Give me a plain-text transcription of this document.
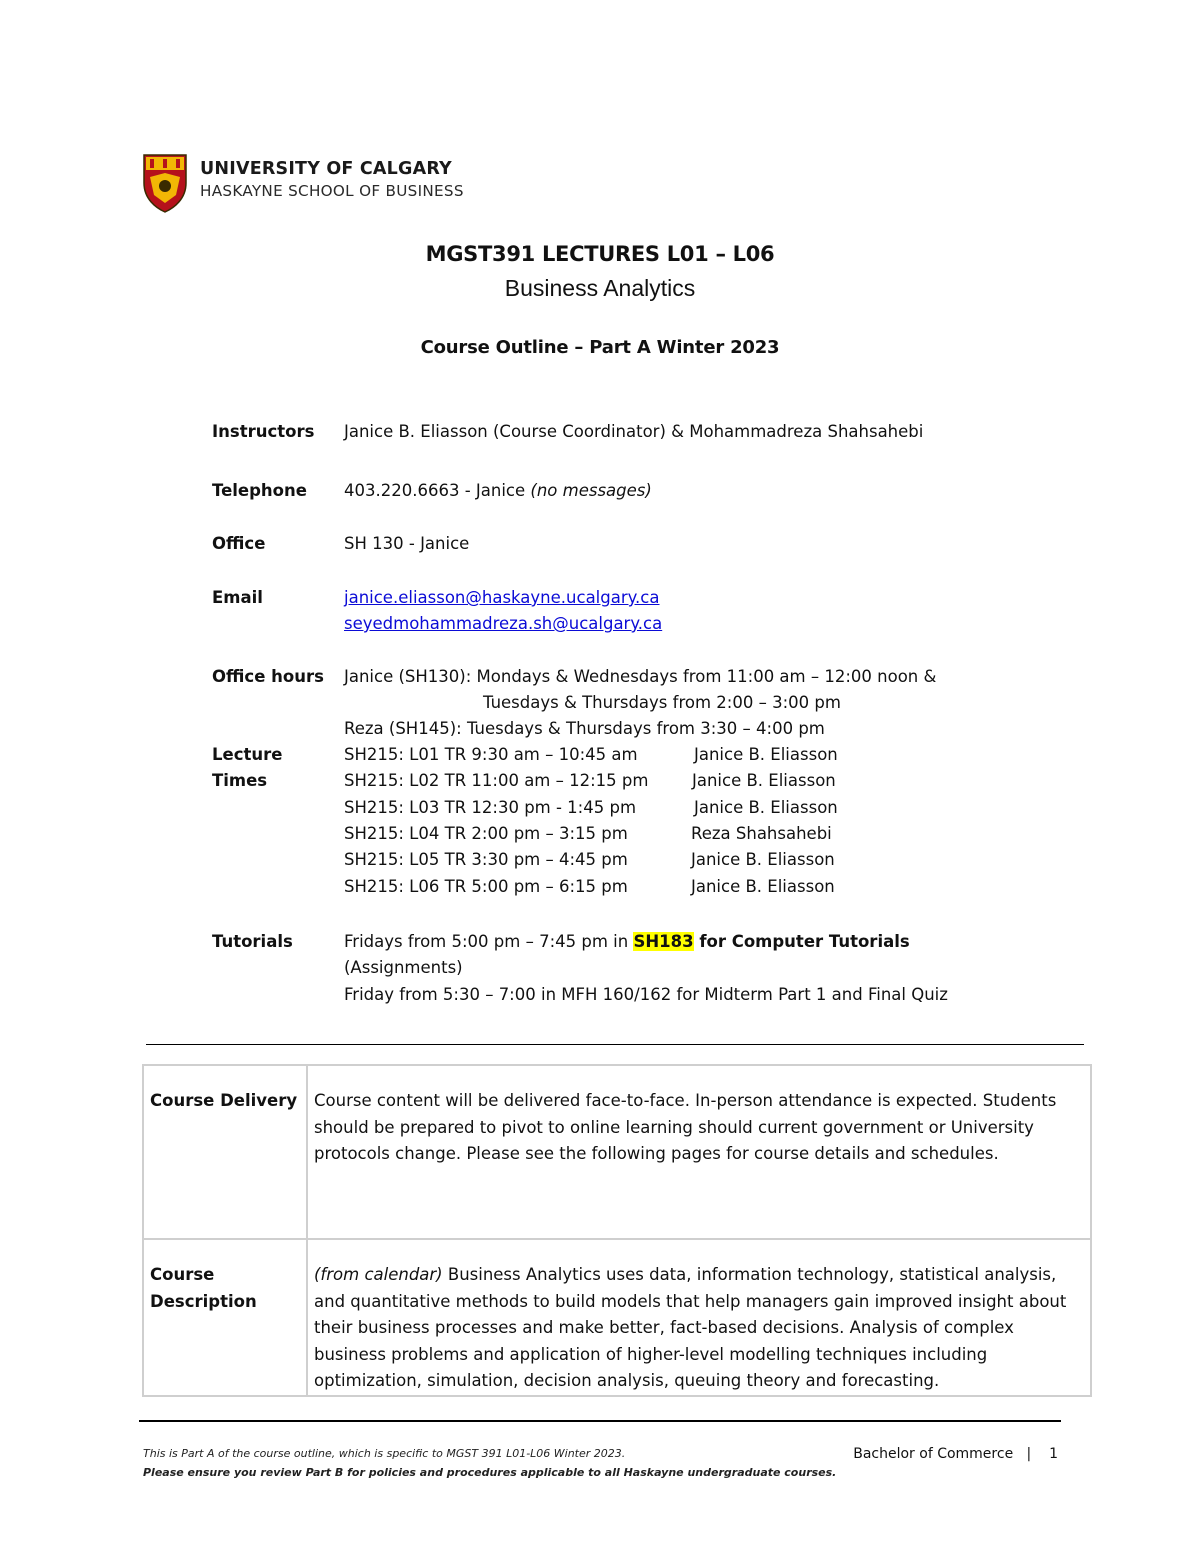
UNIVERSITY OF CALGARY
HASKAYNE SCHOOL OF BUSINESS
MGST391 LECTURES L01 – L06
Business Analytics
Course Outline – Part A Winter 2023
Instructors Janice B. Eliasson (Course Coordinator) & Mohammadreza Shahsahebi
Telephone 403.220.6663 - Janice (no messages)
Office	SH 130 - Janice
Email	janice.eliasson@haskayne.ucalgary.ca
seyedmohammadreza.sh@ucalgary.ca
Office hours Janice (SH130): Mondays & Wednesdays from 11:00 am – 12:00 noon &
Tuesdays & Thursdays from 2:00 – 3:00 pm
Reza (SH145): Tuesdays & Thursdays from 3:30 – 4:00 pm
Lecture
Times
SH215: L01 TR 9:30 am – 10:45 am	Janice B. Eliasson
SH215: L02 TR 11:00 am – 12:15 pm	Janice B. Eliasson
SH215: L03 TR 12:30 pm - 1:45 pm	Janice B. Eliasson
SH215: L04 TR 2:00 pm – 3:15 pm	Reza Shahsahebi
SH215: L05 TR 3:30 pm – 4:45 pm	Janice B. Eliasson
SH215: L06 TR 5:00 pm – 6:15 pm	Janice B. Eliasson
Tutorials	Fridays from 5:00 pm – 7:45 pm in SH183 for Computer Tutorials
(Assignments)
Friday from 5:30 – 7:00 in MFH 160/162 for Midterm Part 1 and Final Quiz
Course Delivery	Course content will be delivered face-to-face. In-person attendance is expected. Students should be prepared to pivot to online learning should current government or University protocols change. Please see the following pages for course details and schedules.
Course Description	(from calendar) Business Analytics uses data, information technology, statistical analysis, and quantitative methods to build models that help managers gain improved insight about their business processes and make better, fact-based decisions. Analysis of complex business problems and application of higher-level modelling techniques including optimization, simulation, decision analysis, queuing theory and forecasting.
This is Part A of the course outline, which is specific to MGST 391 L01-L06 Winter 2023.
Please ensure you review Part B for policies and procedures applicable to all Haskayne undergraduate courses.
Bachelor of Commerce | 1
